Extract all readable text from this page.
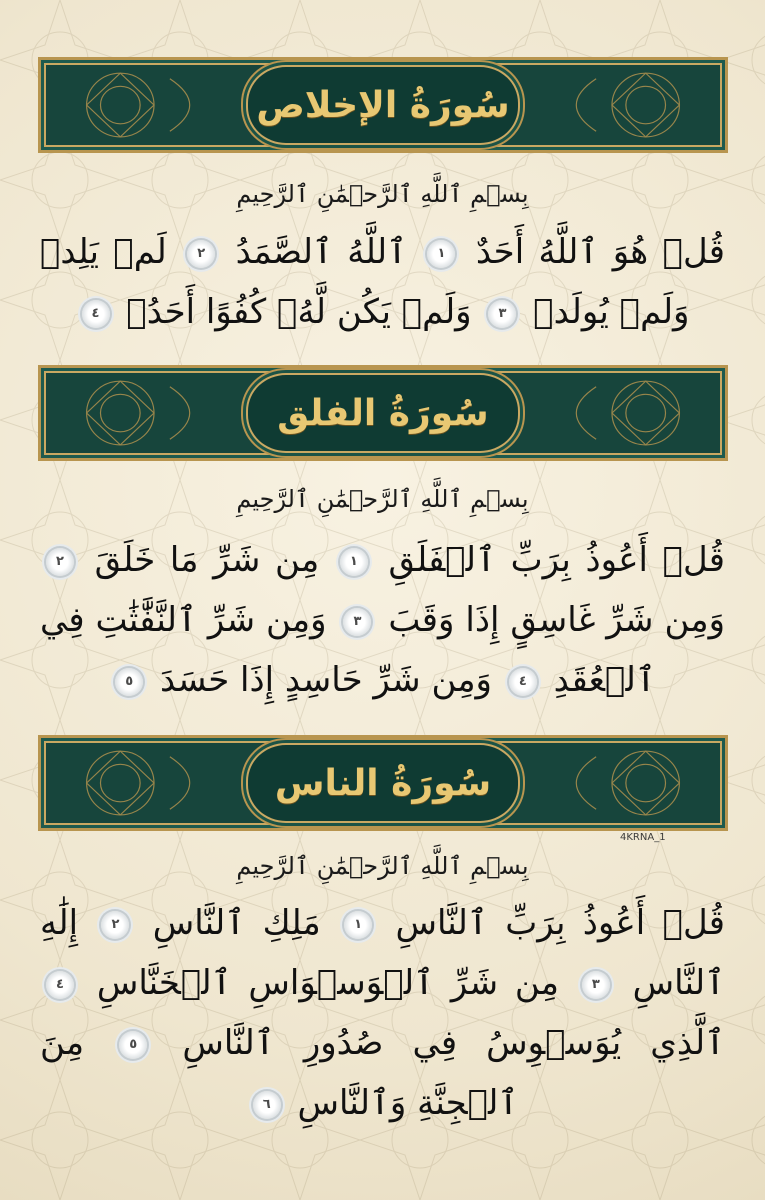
سُورَةُ الإخلاص
بِسۡمِ ٱللَّهِ ٱلرَّحۡمَٰنِ ٱلرَّحِيمِ
قُلۡ هُوَ ٱللَّهُ أَحَدٌ ١ ٱللَّهُ ٱلصَّمَدُ ٢ لَمۡ يَلِدۡ وَلَمۡ يُولَدۡ ٣ وَلَمۡ يَكُن لَّهُۥ كُفُوًا أَحَدُۢ ٤
سُورَةُ الفلق
بِسۡمِ ٱللَّهِ ٱلرَّحۡمَٰنِ ٱلرَّحِيمِ
قُلۡ أَعُوذُ بِرَبِّ ٱلۡفَلَقِ ١ مِن شَرِّ مَا خَلَقَ ٢ وَمِن شَرِّ غَاسِقٍ إِذَا وَقَبَ ٣ وَمِن شَرِّ ٱلنَّفَّٰثَٰتِ فِي ٱلۡعُقَدِ ٤ وَمِن شَرِّ حَاسِدٍ إِذَا حَسَدَ ٥
سُورَةُ الناس
4KRNA_1
بِسۡمِ ٱللَّهِ ٱلرَّحۡمَٰنِ ٱلرَّحِيمِ
قُلۡ أَعُوذُ بِرَبِّ ٱلنَّاسِ ١ مَلِكِ ٱلنَّاسِ ٢ إِلَٰهِ ٱلنَّاسِ ٣ مِن شَرِّ ٱلۡوَسۡوَاسِ ٱلۡخَنَّاسِ ٤ ٱلَّذِي يُوَسۡوِسُ فِي صُدُورِ ٱلنَّاسِ ٥ مِنَ ٱلۡجِنَّةِ وَٱلنَّاسِ ٦
